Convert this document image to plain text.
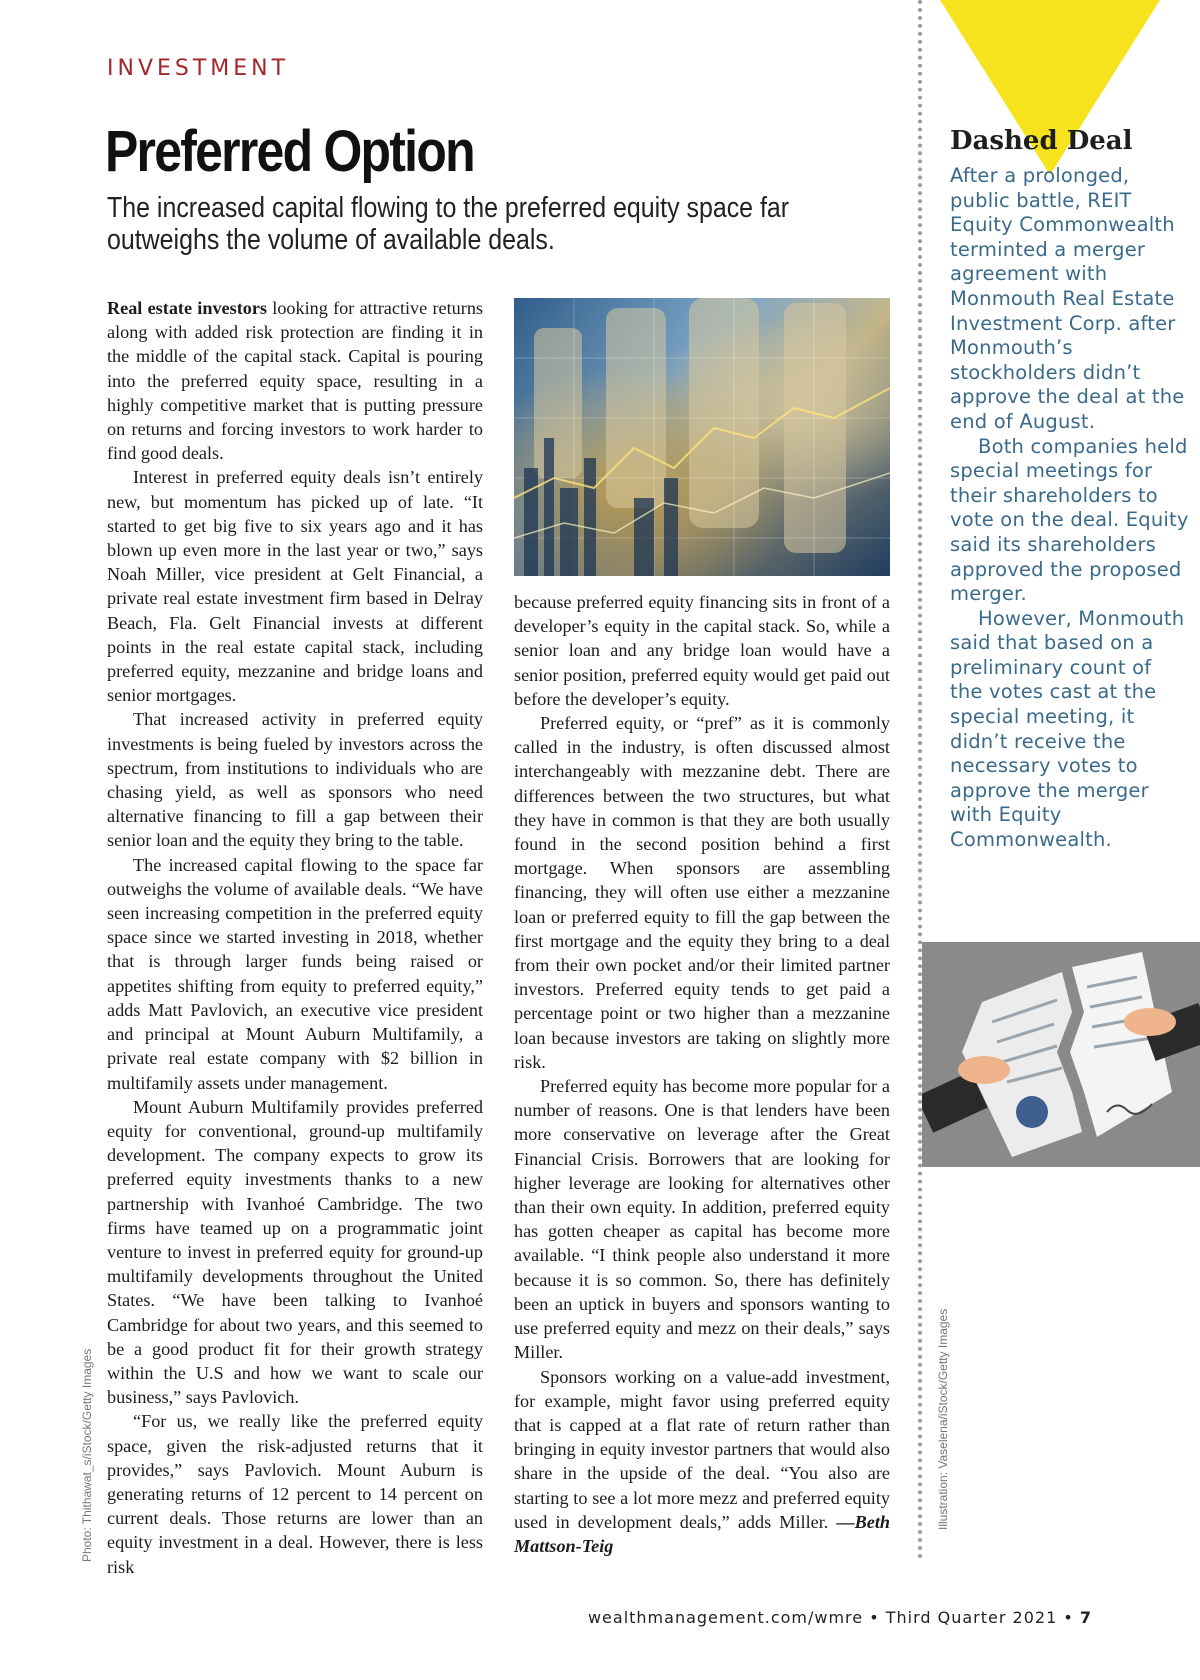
INVESTMENT
Preferred Option

The increased capital flowing to the preferred equity space far outweighs the volume of available deals.

Real estate investors looking for attractive returns along with added risk protection are finding it in the middle of the capital stack. Capital is pouring into the preferred equity space, resulting in a highly competitive market that is putting pressure on returns and forcing investors to work harder to find good deals.

Interest in preferred equity deals isn’t entirely new, but momentum has picked up of late. “It started to get big five to six years ago and it has blown up even more in the last year or two,” says Noah Miller, vice president at Gelt Financial, a private real estate investment firm based in Delray Beach, Fla. Gelt Financial invests at different points in the real estate capital stack, including preferred equity, mezzanine and bridge loans and senior mortgages.

That increased activity in preferred equity investments is being fueled by investors across the spectrum, from institutions to individuals who are chasing yield, as well as sponsors who need alternative financing to fill a gap between their senior loan and the equity they bring to the table.

The increased capital flowing to the space far outweighs the volume of available deals. “We have seen increasing competition in the preferred equity space since we started investing in 2018, whether that is through larger funds being raised or appetites shifting from equity to preferred equity,” adds Matt Pavlovich, an executive vice president and principal at Mount Auburn Multifamily, a private real estate company with $2 billion in multifamily assets under management.

Mount Auburn Multifamily provides preferred equity for conventional, ground-up multifamily development. The company expects to grow its preferred equity investments thanks to a new partnership with Ivanhoé Cambridge. The two firms have teamed up on a programmatic joint venture to invest in preferred equity for ground-up multifamily developments throughout the United States. “We have been talking to Ivanhoé Cambridge for about two years, and this seemed to be a good product fit for their growth strategy within the U.S and how we want to scale our business,” says Pavlovich.

“For us, we really like the preferred equity space, given the risk-adjusted returns that it provides,” says Pavlovich. Mount Auburn is generating returns of 12 percent to 14 percent on current deals. Those returns are lower than an equity investment in a deal. However, there is less risk

because preferred equity financing sits in front of a developer’s equity in the capital stack. So, while a senior loan and any bridge loan would have a senior position, preferred equity would get paid out before the developer’s equity.

Preferred equity, or “pref” as it is commonly called in the industry, is often discussed almost interchangeably with mezzanine debt. There are differences between the two structures, but what they have in common is that they are both usually found in the second position behind a first mortgage. When sponsors are assembling financing, they will often use either a mezzanine loan or preferred equity to fill the gap between the first mortgage and the equity they bring to a deal from their own pocket and/or their limited partner investors. Preferred equity tends to get paid a percentage point or two higher than a mezzanine loan because investors are taking on slightly more risk.

Preferred equity has become more popular for a number of reasons. One is that lenders have been more conservative on leverage after the Great Financial Crisis. Borrowers that are looking for higher leverage are looking for alternatives other than their own equity. In addition, preferred equity has gotten cheaper as capital has become more available. “I think people also understand it more because it is so common. So, there has definitely been an uptick in buyers and sponsors wanting to use preferred equity and mezz on their deals,” says Miller.

Sponsors working on a value-add investment, for example, might favor using preferred equity that is capped at a flat rate of return rather than bringing in equity investor partners that would also share in the upside of the deal. “You also are starting to see a lot more mezz and preferred equity used in development deals,” adds Miller. —Beth Mattson-Teig

Dashed Deal

After a prolonged, public battle, REIT Equity Commonwealth terminted a merger agreement with Monmouth Real Estate Investment Corp. after Monmouth’s stockholders didn’t approve the deal at the end of August.

Both companies held special meetings for their shareholders to vote on the deal. Equity said its shareholders approved the proposed merger.

However, Monmouth said that based on a preliminary count of the votes cast at the special meeting, it didn’t receive the necessary votes to approve the merger with Equity Commonwealth.

Photo: Thithawat_s/iStock/Getty Images	Illustration: Vaselena/iStock/Getty Images
wealthmanagement.com/wmre • Third Quarter 2021 • 7
